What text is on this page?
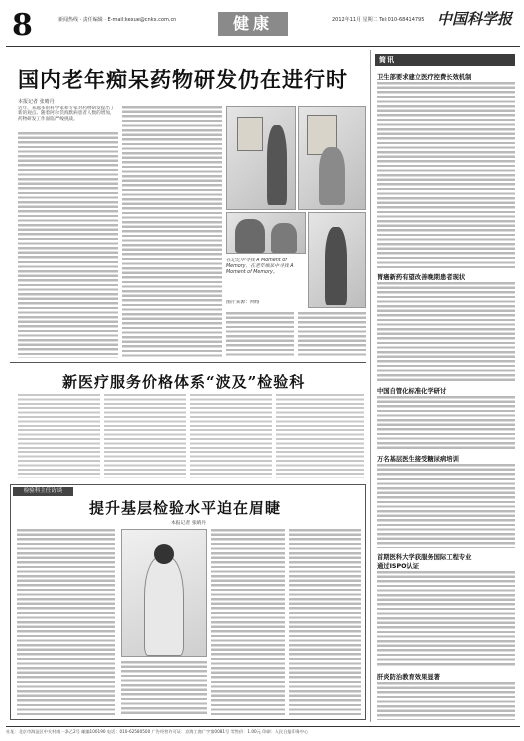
8	新闻热线 · 责任编辑 · E-mail:kexue@cnkx.com.cn	健康	2012年11月 星期二 Tel:010-68414795 中国科学报
国内老年痴呆药物研发仍在进行时
本报记者 张晴丹
近年，来越多的科学家和专家对药物研发提出了新的观点。随着阿尔茨海默病患者人数的增加，药物研发工作面临严峻挑战。
在记忆中寻找 A Moment of Memory，在老年痴呆中寻找 A Moment of Memory。
图片来源：网络
简讯
卫生部要求建立医疗控费长效机制
胃癌新药有望改善晚期患者现状
中国自管化标准化学研讨
万名基层医生接受糖尿病培训
首期医科大学获服务国际工程专业
通过ISPO认证
肝炎防治教育效果显著
新医疗服务价格体系“波及”检验科
检验科主任访谈
提升基层检验水平迫在眉睫
本报记者 张晴丹
社址：北京市海淀区中关村南一条乙2号 邮编100190 电话：010-62580500 广告经营许可证：京海工商广字第0081号 零售价：1.00元 印刷：人民日报印务中心
